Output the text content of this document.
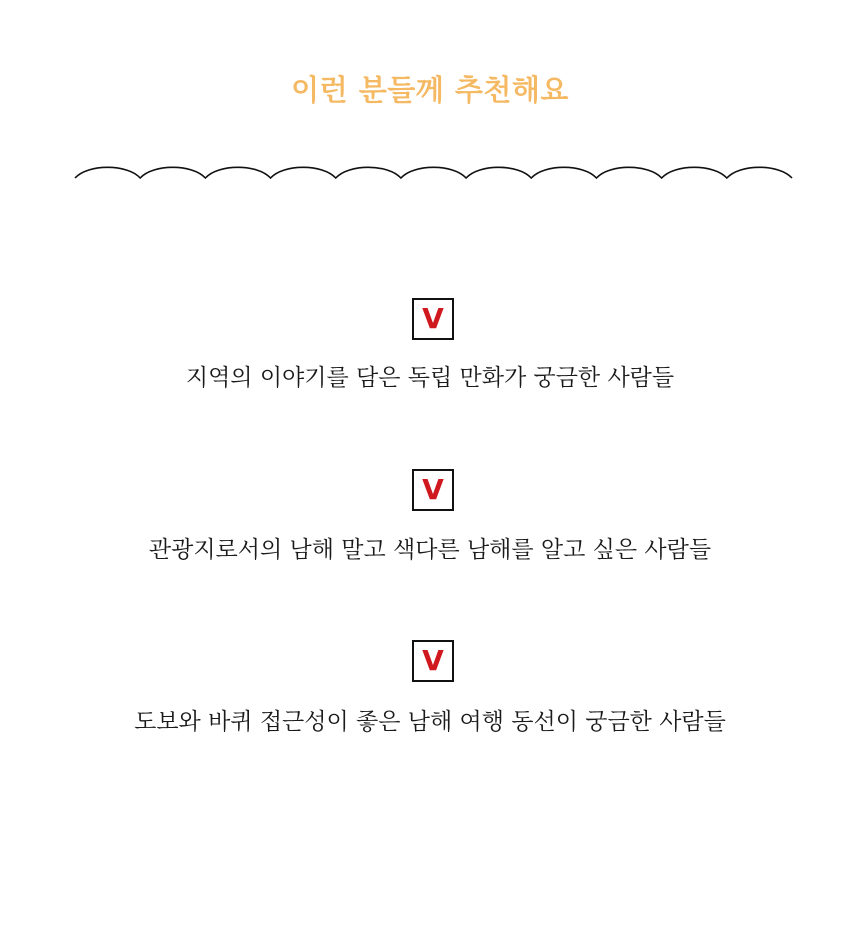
이런 분들께 추천해요
V
지역의 이야기를 담은 독립 만화가 궁금한 사람들
V
관광지로서의 남해 말고 색다른 남해를 알고 싶은 사람들
V
도보와 바퀴 접근성이 좋은 남해 여행 동선이 궁금한 사람들
